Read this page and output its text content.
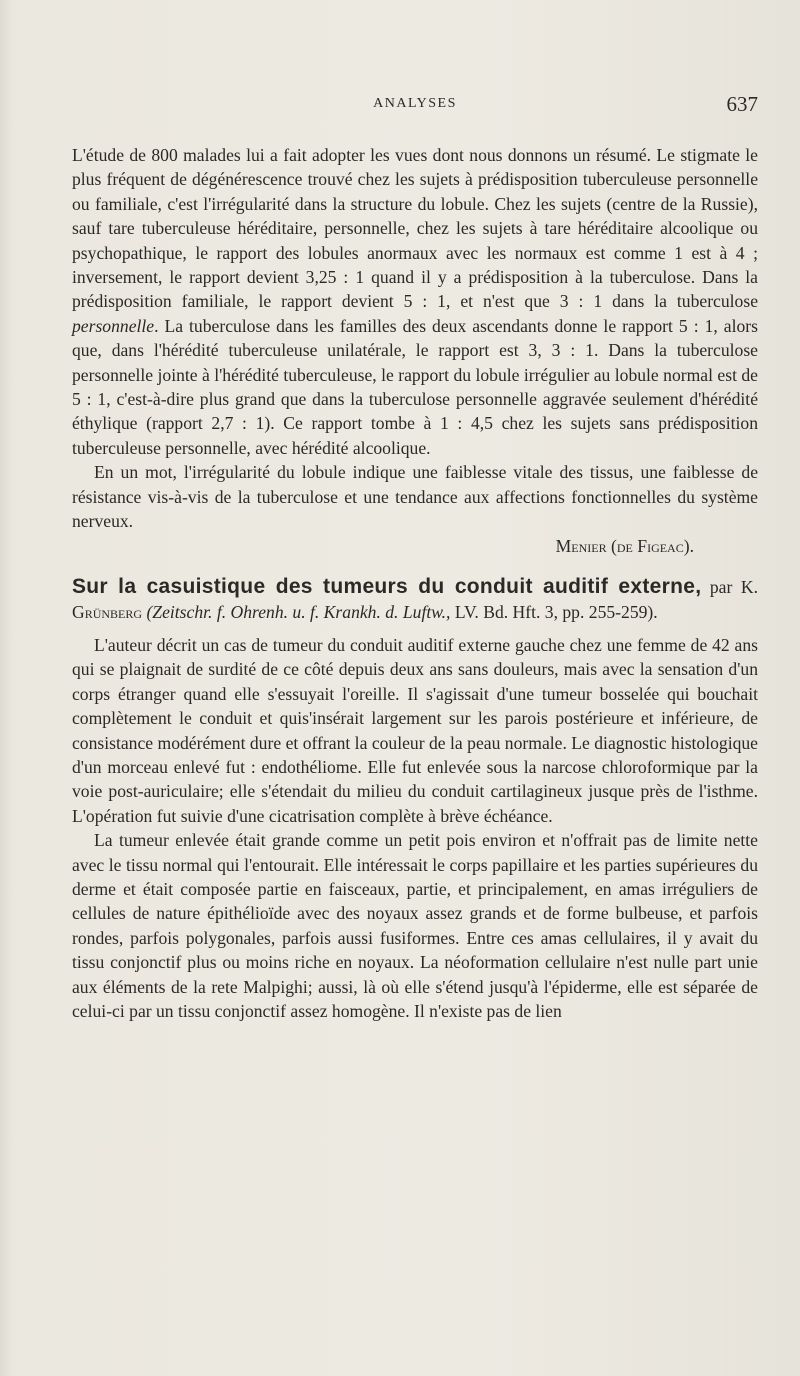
ANALYSES	637

L'étude de 800 malades lui a fait adopter les vues dont nous donnons un résumé. Le stigmate le plus fréquent de dégénérescence trouvé chez les sujets à prédisposition tuberculeuse personnelle ou familiale, c'est l'irrégularité dans la structure du lobule. Chez les sujets (centre de la Russie), sauf tare tuberculeuse héréditaire, personnelle, chez les sujets à tare héréditaire alcoolique ou psychopathique, le rapport des lobules anormaux avec les normaux est comme 1 est à 4 ; inversement, le rapport devient 3,25 : 1 quand il y a prédisposition à la tuberculose. Dans la prédisposition familiale, le rapport devient 5 : 1, et n'est que 3 : 1 dans la tuberculose personnelle. La tuberculose dans les familles des deux ascendants donne le rapport 5 : 1, alors que, dans l'hérédité tuberculeuse unilatérale, le rapport est 3, 3 : 1. Dans la tuberculose personnelle jointe à l'hérédité tuberculeuse, le rapport du lobule irrégulier au lobule normal est de 5 : 1, c'est-à-dire plus grand que dans la tuberculose personnelle aggravée seulement d'hérédité éthylique (rapport 2,7 : 1). Ce rapport tombe à 1 : 4,5 chez les sujets sans prédisposition tuberculeuse personnelle, avec hérédité alcoolique.

En un mot, l'irrégularité du lobule indique une faiblesse vitale des tissus, une faiblesse de résistance vis-à-vis de la tuberculose et une tendance aux affections fonctionnelles du système nerveux.

Menier (de Figeac).

Sur la casuistique des tumeurs du conduit auditif externe, par K. Grünberg (Zeitschr. f. Ohrenh. u. f. Krankh. d. Luftw., LV. Bd. Hft. 3, pp. 255-259).

L'auteur décrit un cas de tumeur du conduit auditif externe gauche chez une femme de 42 ans qui se plaignait de surdité de ce côté depuis deux ans sans douleurs, mais avec la sensation d'un corps étranger quand elle s'essuyait l'oreille. Il s'agissait d'une tumeur bosselée qui bouchait complètement le conduit et quis'insérait largement sur les parois postérieure et inférieure, de consistance modérément dure et offrant la couleur de la peau normale. Le diagnostic histologique d'un morceau enlevé fut : endothéliome. Elle fut enlevée sous la narcose chloroformique par la voie post-auriculaire; elle s'étendait du milieu du conduit cartilagineux jusque près de l'isthme. L'opération fut suivie d'une cicatrisation complète à brève échéance.

La tumeur enlevée était grande comme un petit pois environ et n'offrait pas de limite nette avec le tissu normal qui l'entourait. Elle intéressait le corps papillaire et les parties supérieures du derme et était composée partie en faisceaux, partie, et principalement, en amas irréguliers de cellules de nature épithélioïde avec des noyaux assez grands et de forme bulbeuse, et parfois rondes, parfois polygonales, parfois aussi fusiformes. Entre ces amas cellulaires, il y avait du tissu conjonctif plus ou moins riche en noyaux. La néoformation cellulaire n'est nulle part unie aux éléments de la rete Malpighi; aussi, là où elle s'étend jusqu'à l'épiderme, elle est séparée de celui-ci par un tissu conjonctif assez homogène. Il n'existe pas de lien
